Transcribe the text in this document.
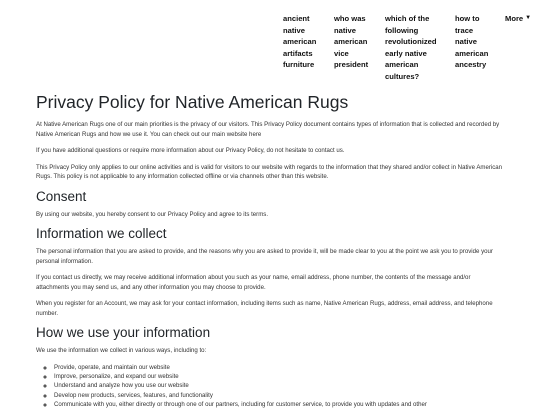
ancient native american artifacts furniture
who was native american vice president
which of the following revolutionized early native american cultures?
how to trace native american ancestry
More ▼
Privacy Policy for Native American Rugs

At Native American Rugs one of our main priorities is the privacy of our visitors. This Privacy Policy document contains types of information that is collected and recorded by Native American Rugs and how we use it. You can check out our main website here

If you have additional questions or require more information about our Privacy Policy, do not hesitate to contact us.

This Privacy Policy only applies to our online activities and is valid for visitors to our website with regards to the information that they shared and/or collect in Native American Rugs. This policy is not applicable to any information collected offline or via channels other than this website.

Consent

By using our website, you hereby consent to our Privacy Policy and agree to its terms.

Information we collect

The personal information that you are asked to provide, and the reasons why you are asked to provide it, will be made clear to you at the point we ask you to provide your personal information.

If you contact us directly, we may receive additional information about you such as your name, email address, phone number, the contents of the message and/or attachments you may send us, and any other information you may choose to provide.

When you register for an Account, we may ask for your contact information, including items such as name, Native American Rugs, address, email address, and telephone number.

How we use your information

We use the information we collect in various ways, including to:

◦ Provide, operate, and maintain our website
◦ Improve, personalize, and expand our website
◦ Understand and analyze how you use our website
◦ Develop new products, services, features, and functionality
◦ Communicate with you, either directly or through one of our partners, including for customer service, to provide you with updates and other
